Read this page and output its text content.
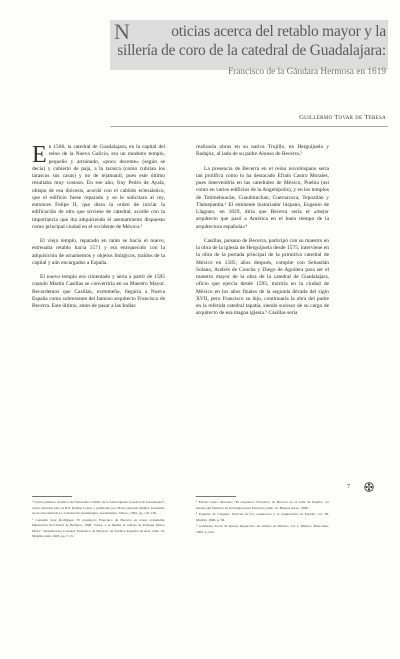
N	oticias acerca del retablo mayor y la sillería de coro de la catedral de Guadalajara:
Francisco de la Gándara Hermosa en 1619
Guillermo Tovar de Teresa

En 1566, la catedral de Guadalajara, en la capital del reino de la Nueva Galicia, era un modesto templo, pequeño y arruinado, «poco decente» (según se decía) y cubierto de paja, a la tarasca (como cubrían los tarascos sus casas) y no de tejamanil, pues este último resultaba muy costoso. En ese año, fray Pedro de Ayala, obispo de esa diócesis, acordó con el cabildo eclesiástico, que el edificio fuese reparado y se le solicitara al rey, entonces Felipe II, que diera la orden de iniciar la edificación de otro que sirviese de catedral, acorde con la importancia que iba adquiriendo el asentamiento dispuesto como principal ciudad en el occidente de México.¹

El viejo templo, reparado en tanto se hacía el nuevo, estrenaba retablo hacia 1571 y era enriquecido con la adquisición de ornamentos y objetos litúrgicos, traídos de la capital y aún encargados a España.

El nuevo templo era cimentado y seria a partir de 1595 cuando Martín Casillas se convertiría en su Maestro Mayor. Recordemos que Casillas, extremeño, llegaría a Nueva España como sobrestante del famoso arquitecto Francisco de Becerra. Este último, antes de pasar a las Indias

realizaría obras en su nativa Trujillo, en Herguijuela y Badajoz, al lado de su padre Alonso de Becerra.²

La presencia de Becerra en el reino novohispano sería tan prolífica como lo ha destacado Efraín Castro Morales, pues intervendría en las catedrales de México, Puebla (así como en varios edificios de la Angelópolis), y en los templos de Totimehuacán, Cuauhtinchan, Cuernavaca, Tepoztlán y Tlalnepantla.³ El eminente historiador hispano, Eugenio de Llaguno, en 1829, diría que Becerra sería el «mejor arquitecto que pasó a América en el buen tiempo de la arquitectura española»⁴

Casillas, paisano de Becerra, participó con su maestro en la obra de la iglesia de Herguijuela desde 1575; interviene en la obra de la portada principal de la primitiva catedral de México en 1585; años después, compite con Sebastián Solano, Andrés de Concha y Diego de Aguilera para ser el maestro mayor de la obra de la catedral de Guadalajara, oficio que ejercía desde 1595; moriría en la ciudad de México en los años finales de la segunda década del siglo XVII, pero Francisco su hijo, continuaría la obra del padre en la referida catedral tapatía, siendo sucesor de su cargo de arquitecto de esa magna iglesia.⁵ Casillas sería

¹ Volver primero: Archivo del Venerable Cabildo de la Santa Iglesia Catedral de Guadalajara¹, varias décadas pero el R.P. Ramón López y publicado por Mario Antonio Muñoz González, en su obra titulada La Catedral de Guadalajara, Guadalajara, Jalisco, 1992, pp. 131-136.

² Consulte José Rodríguez: El arquitecto Francisco de Becerra en etapa extremeña, Diputación Provincial de Badajoz, 1998. Véase, a la misma el trabajo de Enrique Marco Dorta: "Arquitectura Colonial. Francisco de Becerra" en Archivo Español de Arte, núm. 70, Madrid, entre 1943, pp. 7-15.

³ Efraín Castro Morales: "El arquitecto Francisco de Becerra en el valle de Puebla", en Anales del Instituto de Investigaciones Estéticas, núm. 15, Buenos Aires, 1968.

⁴ Eugenio de Llaguno: Noticias de los arquitectos y la arquitectura en España, vol. III, Madrid, 1829, p. 56.

⁵ Guillermo Tovar de Teresa: Repertorio de artistas en México, vol. I, México, Bancomer, 1995, p. 222.

7
